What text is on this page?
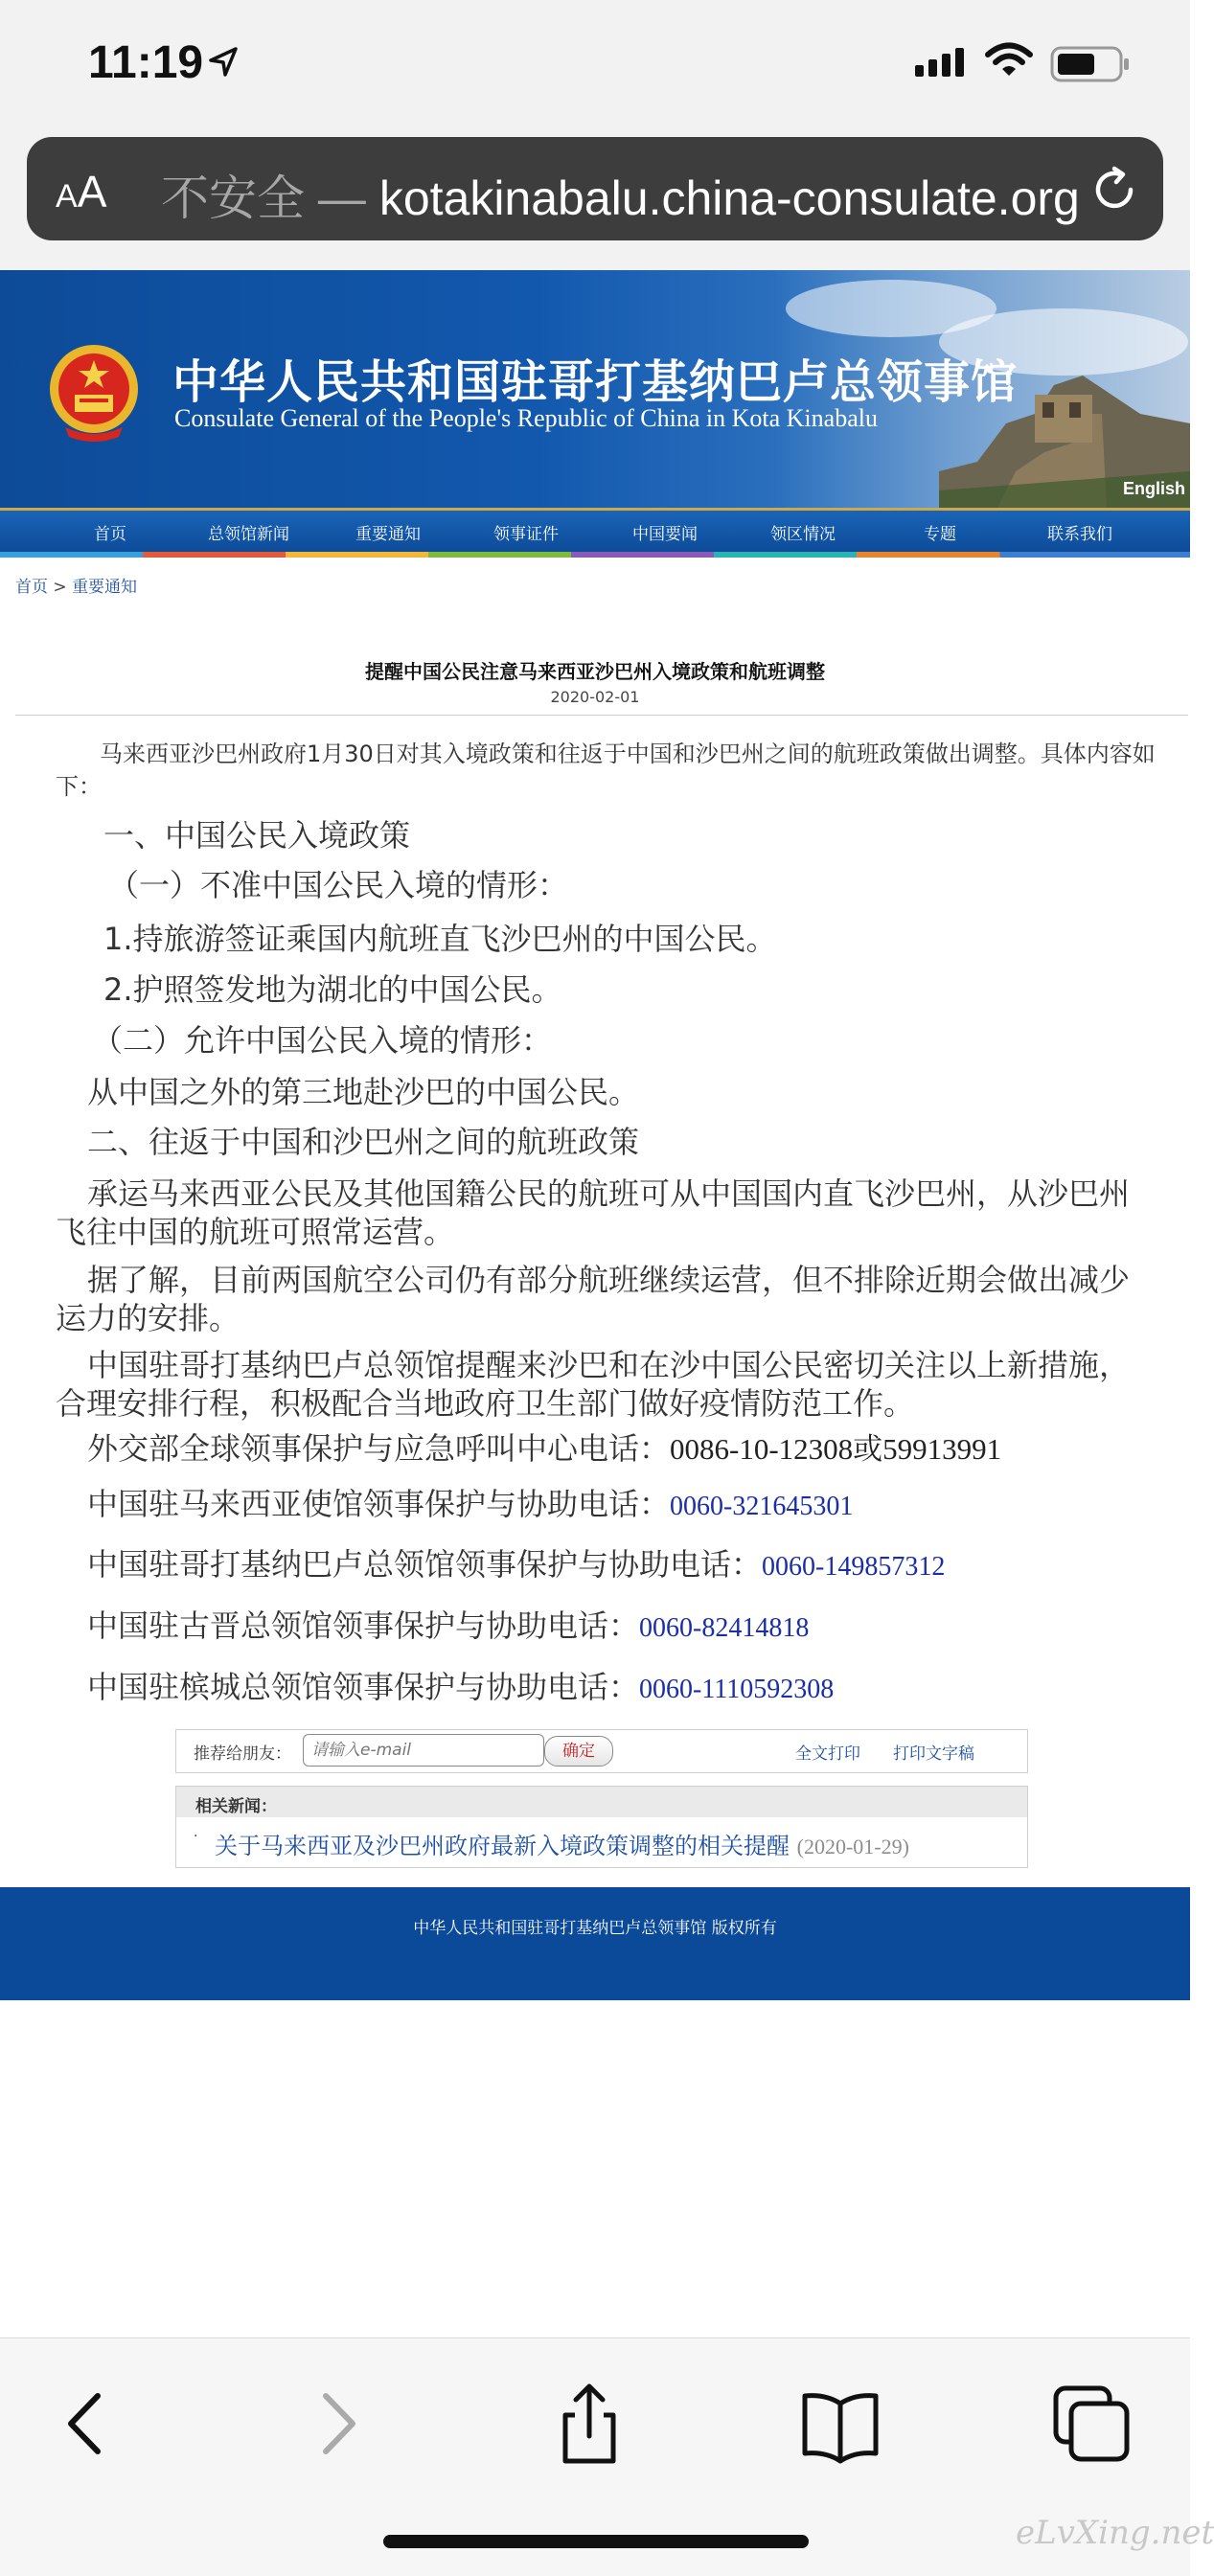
11:19
AA 不安全 — kotakinabalu.china-consulate.org
中华人民共和国驻哥打基纳巴卢总领事馆
Consulate General of the People's Republic of China in Kota Kinabalu
English
首页	总领馆新闻	重要通知	领事证件	中国要闻	领区情况	专题	联系我们
首页 > 重要通知
提醒中国公民注意马来西亚沙巴州入境政策和航班调整
2020-02-01
马来西亚沙巴州政府1月30日对其入境政策和往返于中国和沙巴州之间的航班政策做出调整。具体内容如下：
一、中国公民入境政策
（一）不准中国公民入境的情形：
1.持旅游签证乘国内航班直飞沙巴州的中国公民。
2.护照签发地为湖北的中国公民。
（二）允许中国公民入境的情形：
从中国之外的第三地赴沙巴的中国公民。
二、往返于中国和沙巴州之间的航班政策
承运马来西亚公民及其他国籍公民的航班可从中国国内直飞沙巴州，从沙巴州飞往中国的航班可照常运营。
据了解，目前两国航空公司仍有部分航班继续运营，但不排除近期会做出减少运力的安排。
中国驻哥打基纳巴卢总领馆提醒来沙巴和在沙中国公民密切关注以上新措施，合理安排行程，积极配合当地政府卫生部门做好疫情防范工作。
外交部全球领事保护与应急呼叫中心电话：0086-10-12308或59913991
中国驻马来西亚使馆领事保护与协助电话：0060-321645301
中国驻哥打基纳巴卢总领馆领事保护与协助电话：0060-149857312
中国驻古晋总领馆领事保护与协助电话：0060-82414818
中国驻槟城总领馆领事保护与协助电话：0060-1110592308
推荐给朋友：
请输入e-mail	确定	全文打印 打印文字稿
相关新闻：
· 关于马来西亚及沙巴州政府最新入境政策调整的相关提醒 (2020-01-29)
中华人民共和国驻哥打基纳巴卢总领事馆 版权所有
eLvXing.net
